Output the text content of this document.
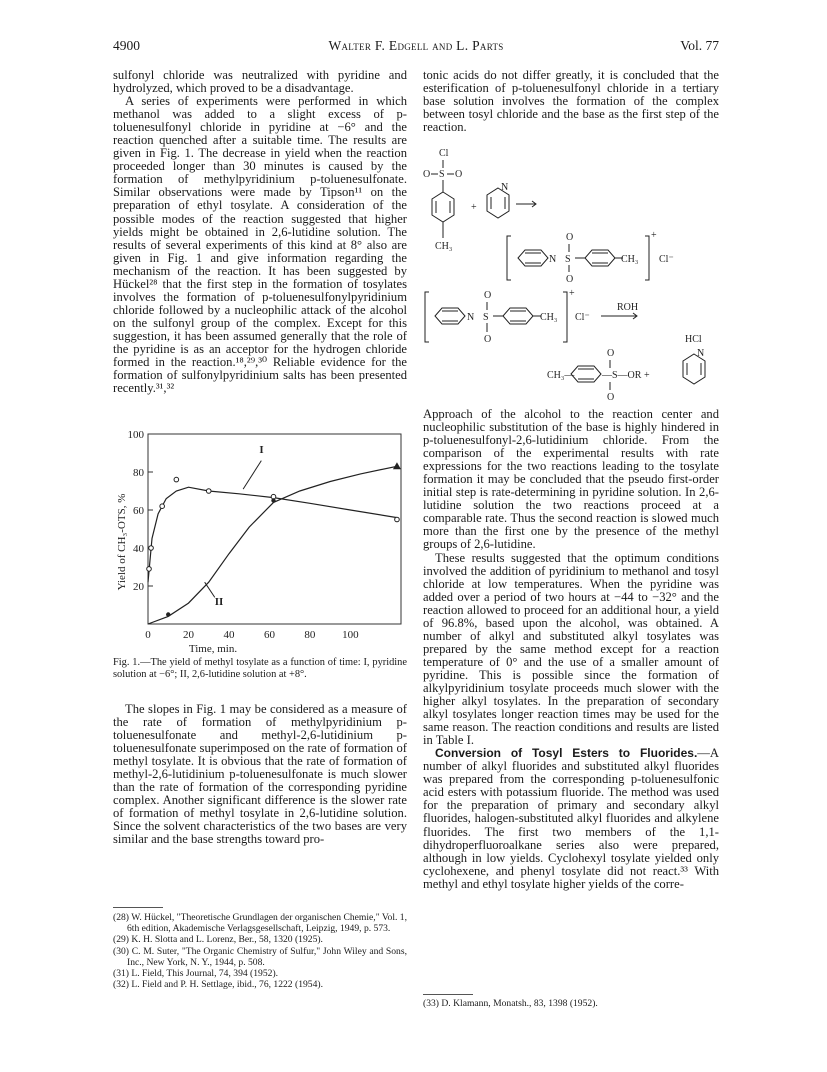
4900	Walter F. Edgell and L. Parts	Vol. 77

sulfonyl chloride was neutralized with pyridine and hydrolyzed, which proved to be a disadvantage.

A series of experiments were performed in which methanol was added to a slight excess of p-toluenesulfonyl chloride in pyridine at −6° and the reaction quenched after a suitable time. The results are given in Fig. 1. The decrease in yield when the reaction proceeded longer than 30 minutes is caused by the formation of methylpyridinium p-toluenesulfonate. Similar observations were made by Tipson¹¹ on the preparation of ethyl tosylate. A consideration of the possible modes of the reaction suggested that higher yields might be obtained in 2,6-lutidine solution. The results of several experiments of this kind at 8° also are given in Fig. 1 and give information regarding the mechanism of the reaction. It has been suggested by Hückel²⁸ that the first step in the formation of tosylates involves the formation of p-toluenesulfonylpyridinium chloride followed by a nucleophilic attack of the alcohol on the sulfonyl group of the complex. Except for this suggestion, it has been assumed generally that the role of the pyridine is as an acceptor for the hydrogen chloride formed in the reaction.¹⁸,²⁹,³⁰ Reliable evidence for the formation of sulfonylpyridinium salts has been presented recently.³¹,³²

Yield of CH₃-OTS, %
Time, min.
20
40
60
80
100
0	20	40	60	80 100
I
II
Fig. 1.—The yield of methyl tosylate as a function of time: I, pyridine solution at −6°; II, 2,6-lutidine solution at +8°.

The slopes in Fig. 1 may be considered as a measure of the rate of formation of methylpyridinium p-toluenesulfonate and methyl-2,6-lutidinium p-toluenesulfonate superimposed on the rate of formation of methyl tosylate. It is obvious that the rate of formation of methyl-2,6-lutidinium p-toluenesulfonate is much slower than the rate of formation of the corresponding pyridine complex. Another significant difference is the slower rate of formation of methyl tosylate in 2,6-lutidine solution. Since the solvent characteristics of the two bases are very similar and the base strengths toward pro-

(28) W. Hückel, "Theoretische Grundlagen der organischen Chemie," Vol. 1, 6th edition, Akademische Verlagsgesellschaft, Leipzig, 1949, p. 573.

(29) K. H. Slotta and L. Lorenz, Ber., 58, 1320 (1925).

(30) C. M. Suter, "The Organic Chemistry of Sulfur," John Wiley and Sons, Inc., New York, N. Y., 1944, p. 508.

(31) L. Field, This Journal, 74, 394 (1952).

(32) L. Field and P. H. Settlage, ibid., 76, 1222 (1954).

tonic acids do not differ greatly, it is concluded that the esterification of p-toluenesulfonyl chloride in a tertiary base solution involves the formation of the complex between tosyl chloride and the base as the first step of the reaction.

Cl
O S O
CH₃
+
N
N S
O
O
CH₃
+
Cl⁻
N S
O
O
CH₃
+
Cl⁻
ROH
HCl
CH₃—	—S—OR +
O
O
N

Approach of the alcohol to the reaction center and nucleophilic substitution of the base is highly hindered in p-toluenesulfonyl-2,6-lutidinium chloride. From the comparison of the experimental results with rate expressions for the two reactions leading to the tosylate formation it may be concluded that the pseudo first-order initial step is rate-determining in pyridine solution. In 2,6-lutidine solution the two reactions proceed at a comparable rate. Thus the second reaction is slowed much more than the first one by the presence of the methyl groups of 2,6-lutidine.

These results suggested that the optimum conditions involved the addition of pyridinium to methanol and tosyl chloride at low temperatures. When the pyridine was added over a period of two hours at −44 to −32° and the reaction allowed to proceed for an additional hour, a yield of 96.8%, based upon the alcohol, was obtained. A number of alkyl and substituted alkyl tosylates was prepared by the same method except for a reaction temperature of 0° and the use of a smaller amount of pyridine. This is possible since the formation of alkylpyridinium tosylate proceeds much slower with the higher alkyl tosylates. In the preparation of secondary alkyl tosylates longer reaction times may be used for the same reason. The reaction conditions and results are listed in Table I.

Conversion of Tosyl Esters to Fluorides.—A number of alkyl fluorides and substituted alkyl fluorides was prepared from the corresponding p-toluenesulfonic acid esters with potassium fluoride. The method was used for the preparation of primary and secondary alkyl fluorides, halogen-substituted alkyl fluorides and alkylene fluorides. The first two members of the 1,1-dihydroperfluoroalkane series also were prepared, although in low yields. Cyclohexyl tosylate yielded only cyclohexene, and phenyl tosylate did not react.³³ With methyl and ethyl tosylate higher yields of the corre-

(33) D. Klamann, Monatsh., 83, 1398 (1952).
